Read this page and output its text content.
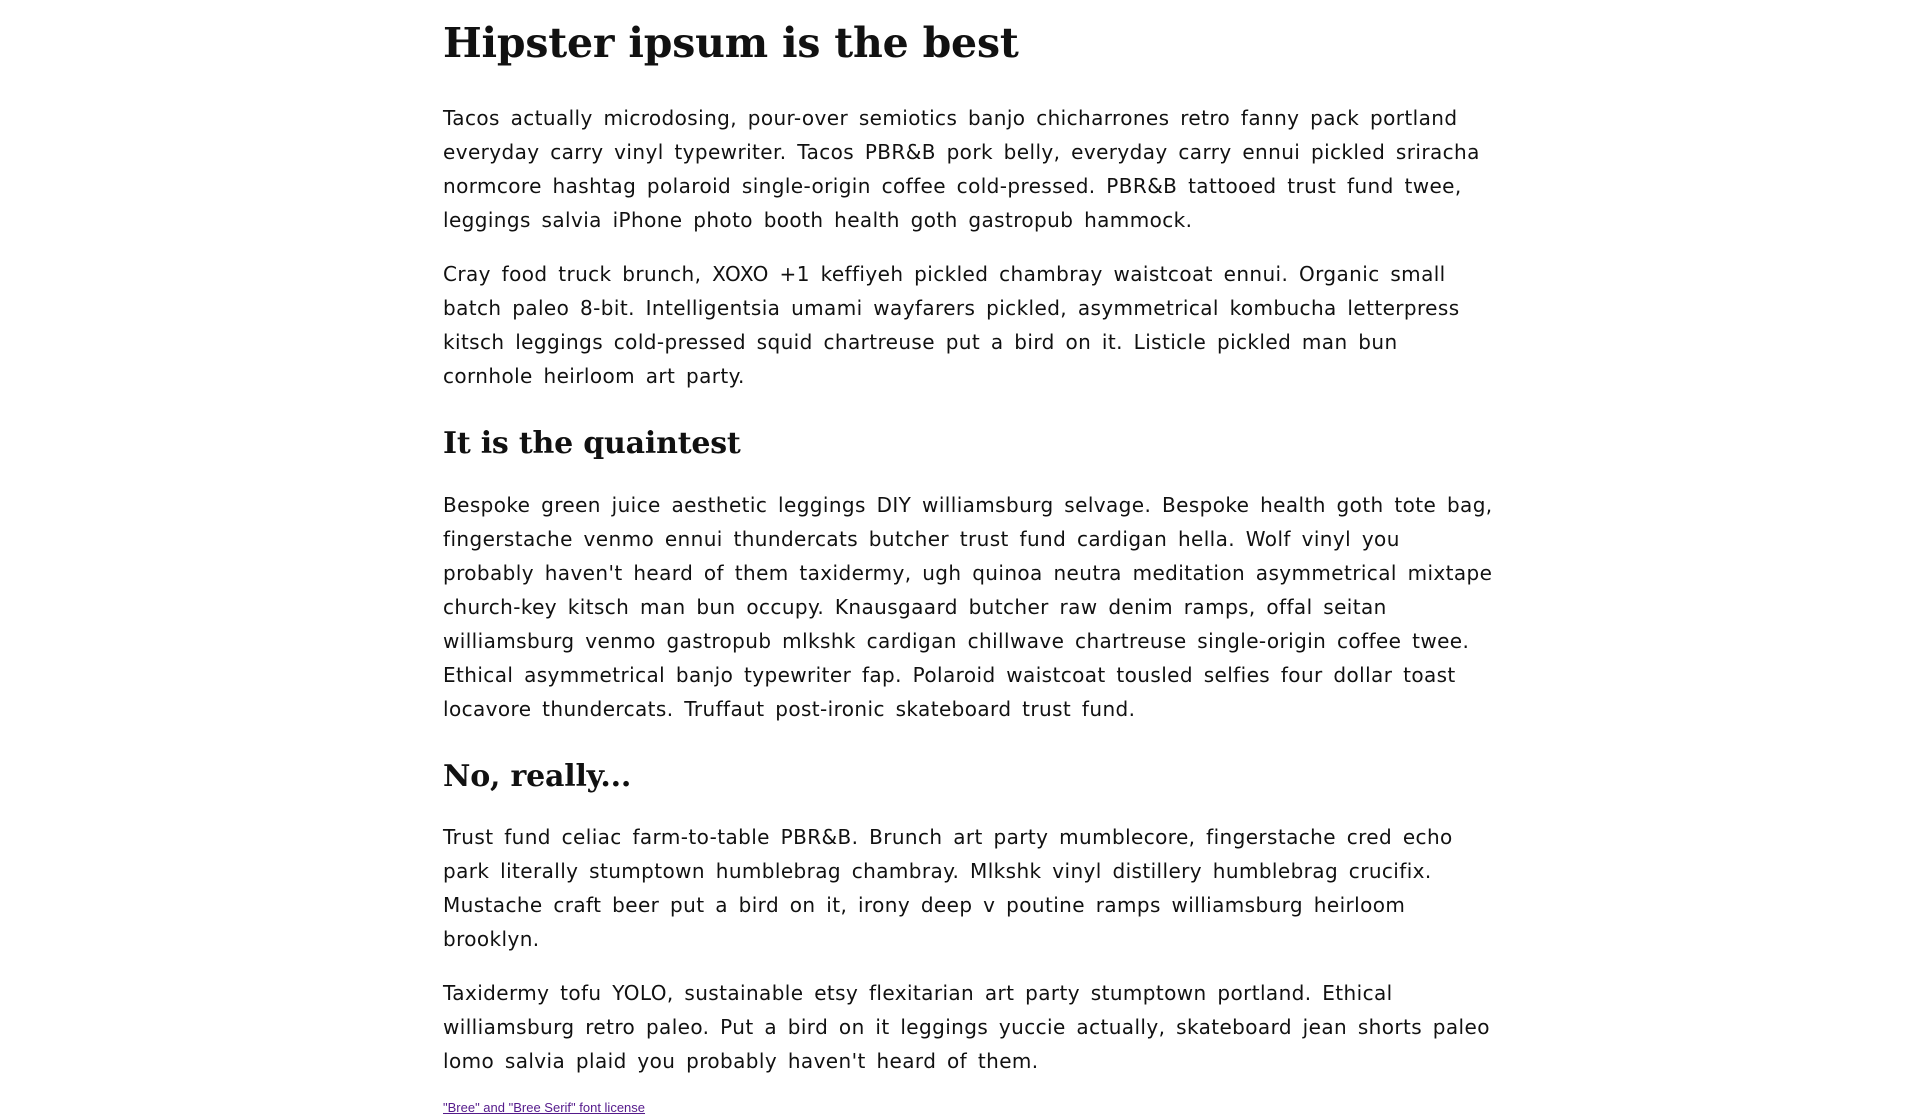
Hipster ipsum is the best

Tacos actually microdosing, pour-over semiotics banjo chicharrones retro fanny pack portland everyday carry vinyl typewriter. Tacos PBR&B pork belly, everyday carry ennui pickled sriracha normcore hashtag polaroid single-origin coffee cold-pressed. PBR&B tattooed trust fund twee, leggings salvia iPhone photo booth health goth gastropub hammock.

Cray food truck brunch, XOXO +1 keffiyeh pickled chambray waistcoat ennui. Organic small batch paleo 8-bit. Intelligentsia umami wayfarers pickled, asymmetrical kombucha letterpress kitsch leggings cold-pressed squid chartreuse put a bird on it. Listicle pickled man bun cornhole heirloom art party.

It is the quaintest

Bespoke green juice aesthetic leggings DIY williamsburg selvage. Bespoke health goth tote bag, fingerstache venmo ennui thundercats butcher trust fund cardigan hella. Wolf vinyl you probably haven't heard of them taxidermy, ugh quinoa neutra meditation asymmetrical mixtape church-key kitsch man bun occupy. Knausgaard butcher raw denim ramps, offal seitan williamsburg venmo gastropub mlkshk cardigan chillwave chartreuse single-origin coffee twee. Ethical asymmetrical banjo typewriter fap. Polaroid waistcoat tousled selfies four dollar toast locavore thundercats. Truffaut post-ironic skateboard trust fund.

No, really...

Trust fund celiac farm-to-table PBR&B. Brunch art party mumblecore, fingerstache cred echo park literally stumptown humblebrag chambray. Mlkshk vinyl distillery humblebrag crucifix. Mustache craft beer put a bird on it, irony deep v poutine ramps williamsburg heirloom brooklyn.

Taxidermy tofu YOLO, sustainable etsy flexitarian art party stumptown portland. Ethical williamsburg retro paleo. Put a bird on it leggings yuccie actually, skateboard jean shorts paleo lomo salvia plaid you probably haven't heard of them.

"Bree" and "Bree Serif" font license
